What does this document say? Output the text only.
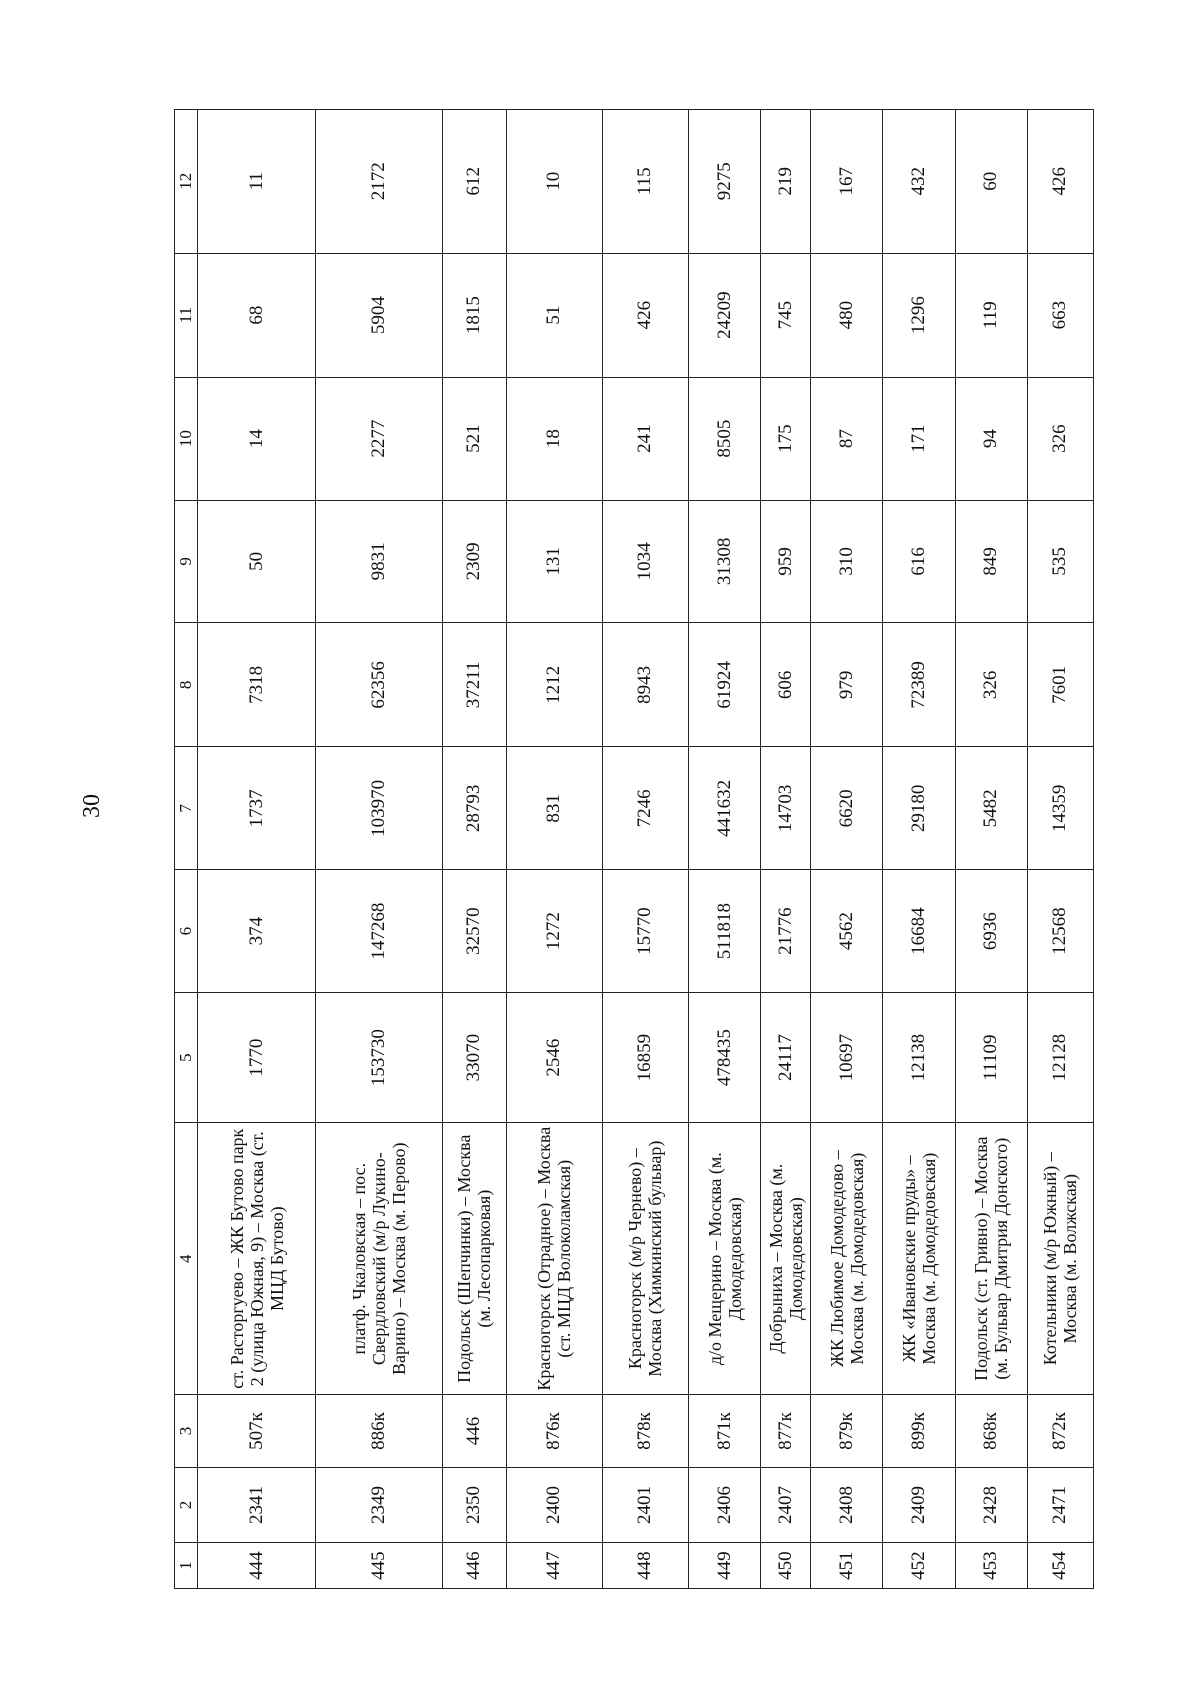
30
1	2	3	4	5	6	7	8	9	10	11	12
444	2341	507к	ст. Расторгуево – ЖК Бутово парк 2 (улица Южная, 9) – Москва (ст. МЦД Бутово)	1770	374	1737	7318	50	14	68	11
445	2349	886к	платф. Чкаловская – пос. Свердловский (м/р Лукино-Варино) – Москва (м. Перово)	153730	147268	103970	62356	9831	2277	5904	2172
446	2350	446	Подольск (Шепчинки) – Москва (м. Лесопарковая)	33070	32570	28793	37211	2309	521	1815	612
447	2400	876к	Красногорск (Отрадное) – Москва (ст. МЦД Волоколамская)	2546	1272	831	1212	131	18	51	10
448	2401	878к	Красногорск (м/р Чернево) – Москва (Химкинский бульвар)	16859	15770	7246	8943	1034	241	426	115
449	2406	871к	д/о Мещерино – Москва (м. Домодедовская)	478435	511818	441632	61924	31308	8505	24209	9275
450	2407	877к	Добрыниха – Москва (м. Домодедовская)	24117	21776	14703	606	959	175	745	219
451	2408	879к	ЖК Любимое Домодедово – Москва (м. Домодедовская)	10697	4562	6620	979	310	87	480	167
452	2409	899к	ЖК «Ивановские пруды» – Москва (м. Домодедовская)	12138	16684	29180	72389	616	171	1296	432
453	2428	868к	Подольск (ст. Гривно) – Москва (м. Бульвар Дмитрия Донского)	11109	6936	5482	326	849	94	119	60
454	2471	872к	Котельники (м/р Южный) – Москва (м. Волжская)	12128	12568	14359	7601	535	326	663	426
